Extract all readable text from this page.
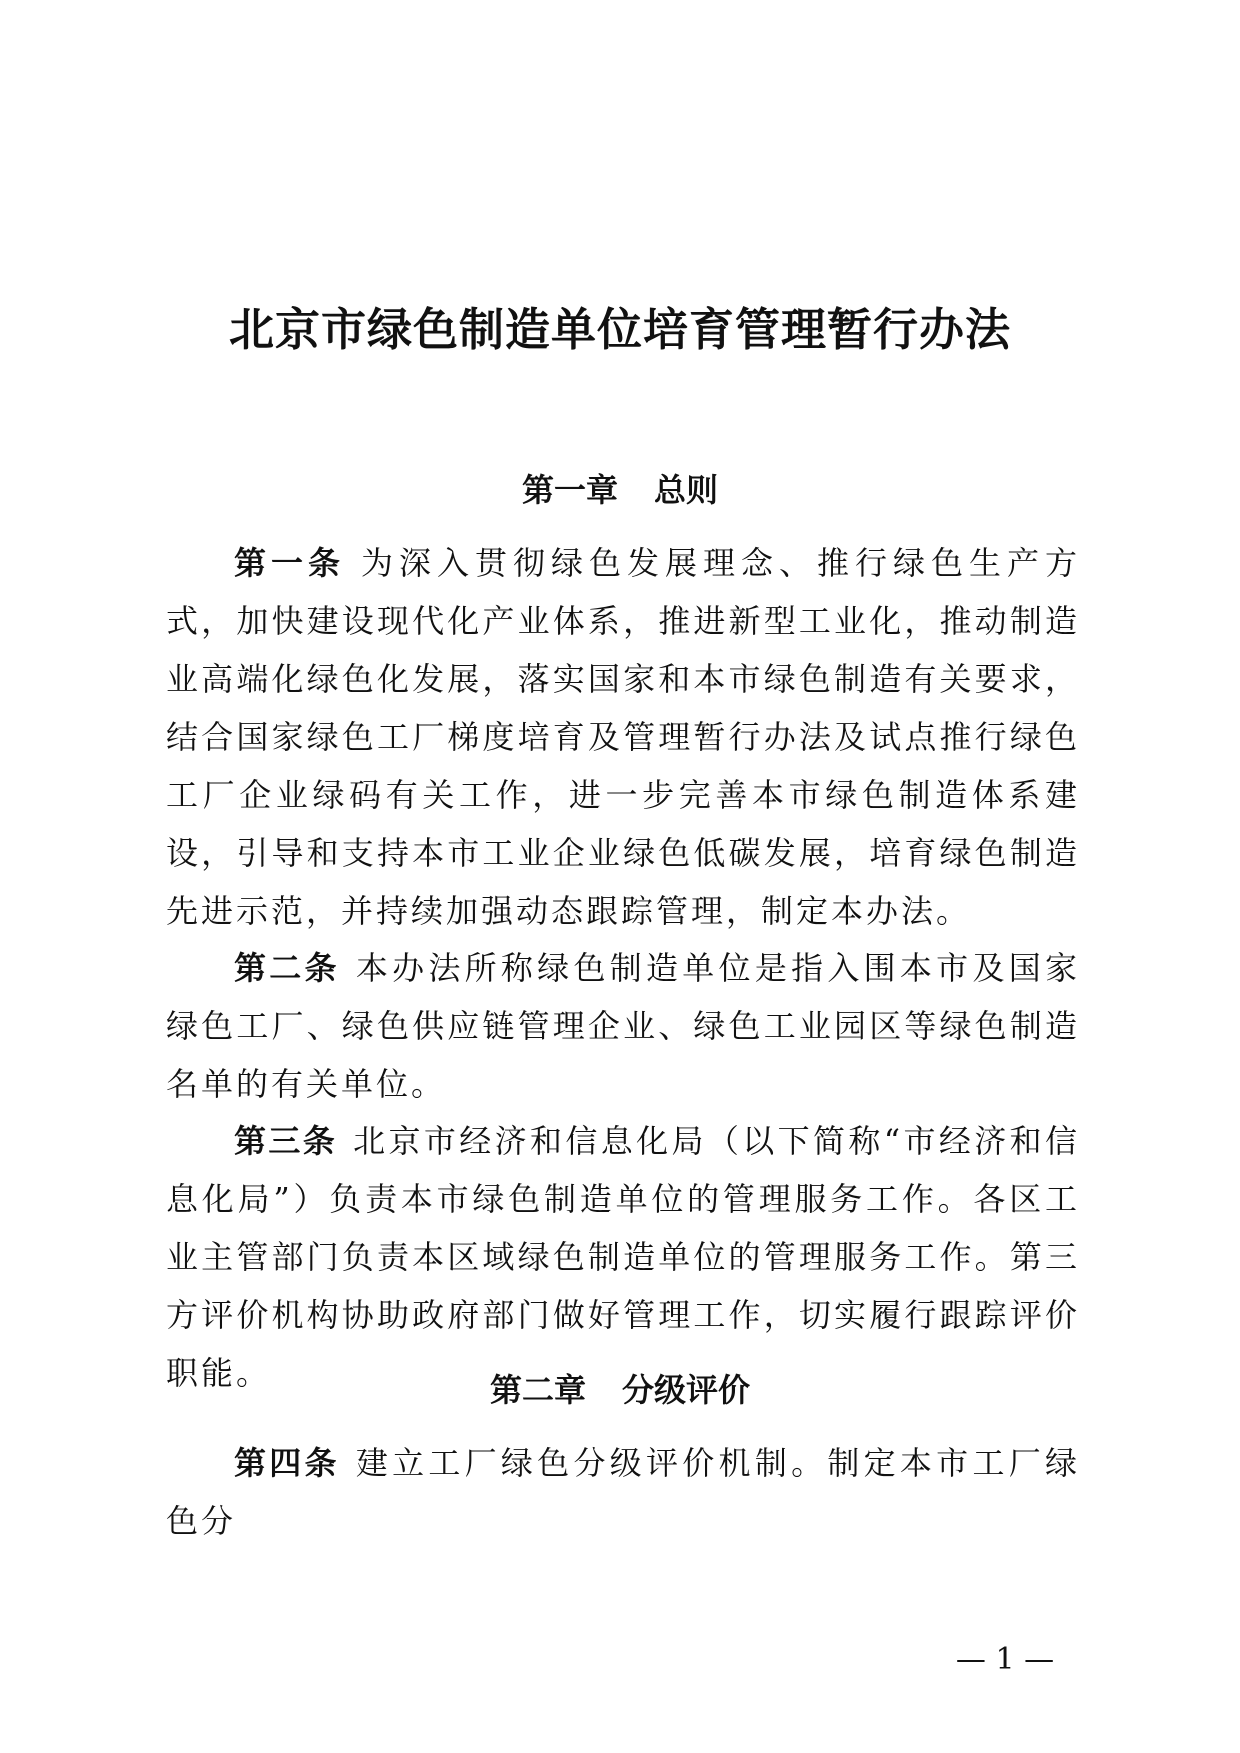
北京市绿色制造单位培育管理暂行办法
第一章 总则

第一条 为深入贯彻绿色发展理念、推行绿色生产方式，加快建设现代化产业体系，推进新型工业化，推动制造业高端化绿色化发展，落实国家和本市绿色制造有关要求，结合国家绿色工厂梯度培育及管理暂行办法及试点推行绿色工厂企业绿码有关工作，进一步完善本市绿色制造体系建设，引导和支持本市工业企业绿色低碳发展，培育绿色制造先进示范，并持续加强动态跟踪管理，制定本办法。

第二条 本办法所称绿色制造单位是指入围本市及国家绿色工厂、绿色供应链管理企业、绿色工业园区等绿色制造名单的有关单位。

第三条 北京市经济和信息化局（以下简称“市经济和信息化局”）负责本市绿色制造单位的管理服务工作。各区工业主管部门负责本区域绿色制造单位的管理服务工作。第三方评价机构协助政府部门做好管理工作，切实履行跟踪评价职能。	第二章 分级评价

第四条 建立工厂绿色分级评价机制。制定本市工厂绿色分

— 1 —
